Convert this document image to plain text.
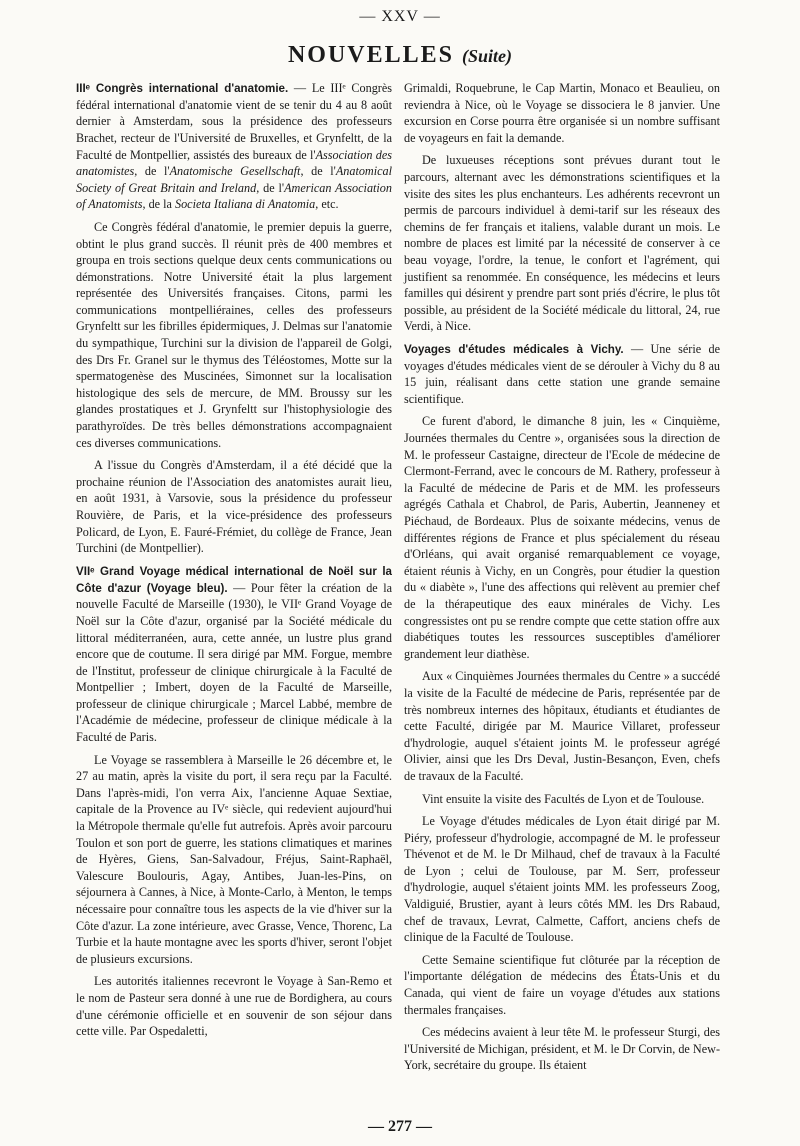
— XXV —
NOUVELLES (Suite)

IIIᵉ Congrès international d'anatomie. — Le IIIᵉ Congrès fédéral international d'anatomie vient de se tenir du 4 au 8 août dernier à Amsterdam, sous la présidence des professeurs Brachet, recteur de l'Université de Bruxelles, et Grynfeltt, de la Faculté de Montpellier, assistés des bureaux de l'Association des anatomistes, de l'Anatomische Gesellschaft, de l'Anatomical Society of Great Britain and Ireland, de l'American Association of Anatomists, de la Societa Italiana di Anatomia, etc.

Ce Congrès fédéral d'anatomie, le premier depuis la guerre, obtint le plus grand succès. Il réunit près de 400 membres et groupa en trois sections quelque deux cents communications ou démonstrations. Notre Université était la plus largement représentée des Universités françaises. Citons, parmi les communications montpelliéraines, celles des professeurs Grynfeltt sur les fibrilles épidermiques, J. Delmas sur l'anatomie du sympathique, Turchini sur la division de l'appareil de Golgi, des Drs Fr. Granel sur le thymus des Téléostomes, Motte sur la spermatogenèse des Muscinées, Simonnet sur la localisation histologique des sels de mercure, de MM. Broussy sur les glandes prostatiques et J. Grynfeltt sur l'histophysiologie des parathyroïdes. De très belles démonstrations accompagnaient ces diverses communications.

A l'issue du Congrès d'Amsterdam, il a été décidé que la prochaine réunion de l'Association des anatomistes aurait lieu, en août 1931, à Varsovie, sous la présidence du professeur Rouvière, de Paris, et la vice-présidence des professeurs Policard, de Lyon, E. Fauré-Frémiet, du collège de France, Jean Turchini (de Montpellier).

VIIᵉ Grand Voyage médical international de Noël sur la Côte d'azur (Voyage bleu). — Pour fêter la création de la nouvelle Faculté de Marseille (1930), le VIIᵉ Grand Voyage de Noël sur la Côte d'azur, organisé par la Société médicale du littoral méditerranéen, aura, cette année, un lustre plus grand encore que de coutume. Il sera dirigé par MM. Forgue, membre de l'Institut, professeur de clinique chirurgicale à la Faculté de Montpellier ; Imbert, doyen de la Faculté de Marseille, professeur de clinique chirurgicale ; Marcel Labbé, membre de l'Académie de médecine, professeur de clinique médicale à la Faculté de Paris.

Le Voyage se rassemblera à Marseille le 26 décembre et, le 27 au matin, après la visite du port, il sera reçu par la Faculté. Dans l'après-midi, l'on verra Aix, l'ancienne Aquae Sextiae, capitale de la Provence au IVᵉ siècle, qui redevient aujourd'hui la Métropole thermale qu'elle fut autrefois. Après avoir parcouru Toulon et son port de guerre, les stations climatiques et marines de Hyères, Giens, San-Salvadour, Fréjus, Saint-Raphaël, Valescure Boulouris, Agay, Antibes, Juan-les-Pins, on séjournera à Cannes, à Nice, à Monte-Carlo, à Menton, le temps nécessaire pour connaître tous les aspects de la vie d'hiver sur la Côte d'azur. La zone intérieure, avec Grasse, Vence, Thorenc, La Turbie et la haute montagne avec les sports d'hiver, seront l'objet de plusieurs excursions.

Les autorités italiennes recevront le Voyage à San-Remo et le nom de Pasteur sera donné à une rue de Bordighera, au cours d'une cérémonie officielle et en souvenir de son séjour dans cette ville. Par Ospedaletti,

Grimaldi, Roquebrune, le Cap Martin, Monaco et Beaulieu, on reviendra à Nice, où le Voyage se dissociera le 8 janvier. Une excursion en Corse pourra être organisée si un nombre suffisant de voyageurs en fait la demande.

De luxueuses réceptions sont prévues durant tout le parcours, alternant avec les démonstrations scientifiques et la visite des sites les plus enchanteurs. Les adhérents recevront un permis de parcours individuel à demi-tarif sur les réseaux des chemins de fer français et italiens, valable durant un mois. Le nombre de places est limité par la nécessité de conserver à ce beau voyage, l'ordre, la tenue, le confort et l'agrément, qui justifient sa renommée. En conséquence, les médecins et leurs familles qui désirent y prendre part sont priés d'écrire, le plus tôt possible, au président de la Société médicale du littoral, 24, rue Verdi, à Nice.

Voyages d'études médicales à Vichy. — Une série de voyages d'études médicales vient de se dérouler à Vichy du 8 au 15 juin, réalisant dans cette station une grande semaine scientifique.

Ce furent d'abord, le dimanche 8 juin, les « Cinquième, Journées thermales du Centre », organisées sous la direction de M. le professeur Castaigne, directeur de l'Ecole de médecine de Clermont-Ferrand, avec le concours de M. Rathery, professeur à la Faculté de médecine de Paris et de MM. les professeurs agrégés Cathala et Chabrol, de Paris, Aubertin, Jeanneney et Piéchaud, de Bordeaux. Plus de soixante médecins, venus de différentes régions de France et plus spécialement du réseau d'Orléans, qui avait organisé remarquablement ce voyage, étaient réunis à Vichy, en un Congrès, pour étudier la question du « diabète », l'une des affections qui relèvent au premier chef de la thérapeutique des eaux minérales de Vichy. Les congressistes ont pu se rendre compte que cette station offre aux diabétiques toutes les ressources susceptibles d'améliorer grandement leur diathèse.

Aux « Cinquièmes Journées thermales du Centre » a succédé la visite de la Faculté de médecine de Paris, représentée par de très nombreux internes des hôpitaux, étudiants et étudiantes de cette Faculté, dirigée par M. Maurice Villaret, professeur d'hydrologie, auquel s'étaient joints M. le professeur agrégé Olivier, ainsi que les Drs Deval, Justin-Besançon, Even, chefs de travaux de la Faculté.

Vint ensuite la visite des Facultés de Lyon et de Toulouse.

Le Voyage d'études médicales de Lyon était dirigé par M. Piéry, professeur d'hydrologie, accompagné de M. le professeur Thévenot et de M. le Dr Milhaud, chef de travaux à la Faculté de Lyon ; celui de Toulouse, par M. Serr, professeur d'hydrologie, auquel s'étaient joints MM. les professeurs Zoog, Valdiguié, Brustier, ayant à leurs côtés MM. les Drs Rabaud, chef de travaux, Levrat, Calmette, Caffort, anciens chefs de clinique de la Faculté de Toulouse.

Cette Semaine scientifique fut clôturée par la réception de l'importante délégation de médecins des États-Unis et du Canada, qui vient de faire un voyage d'études aux stations thermales françaises.

Ces médecins avaient à leur tête M. le professeur Sturgi, des l'Université de Michigan, président, et M. le Dr Corvin, de New-York, secrétaire du groupe. Ils étaient

— 277 —
